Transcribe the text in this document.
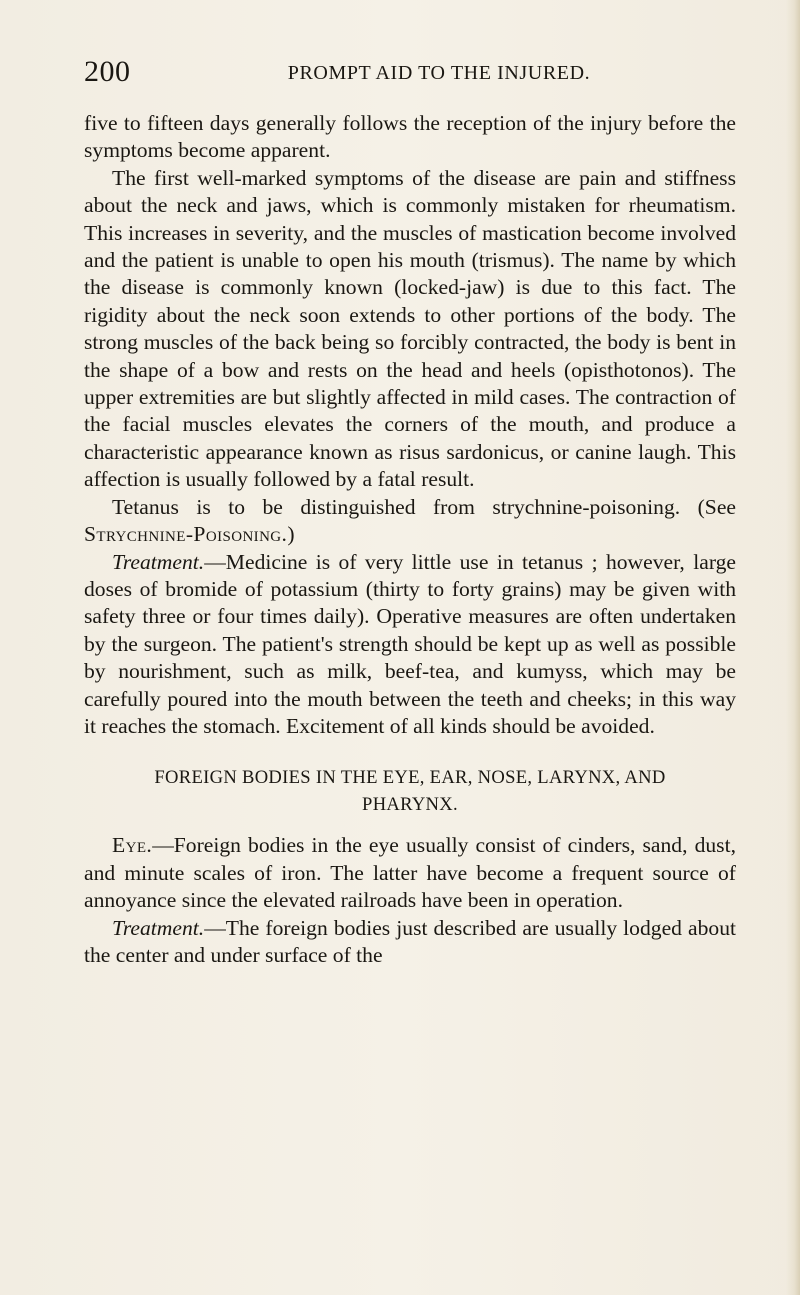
200	PROMPT AID TO THE INJURED.

five to fifteen days generally follows the reception of the injury before the symptoms become apparent.

The first well-marked symptoms of the disease are pain and stiffness about the neck and jaws, which is commonly mistaken for rheumatism. This increases in severity, and the muscles of mastication become involved and the patient is unable to open his mouth (trismus). The name by which the disease is commonly known (locked-jaw) is due to this fact. The rigidity about the neck soon extends to other portions of the body. The strong muscles of the back being so forcibly contracted, the body is bent in the shape of a bow and rests on the head and heels (opisthotonos). The upper extremities are but slightly affected in mild cases. The contraction of the facial muscles elevates the corners of the mouth, and produce a characteristic appearance known as risus sardonicus, or canine laugh. This affection is usually followed by a fatal result.

Tetanus is to be distinguished from strychnine-poisoning. (See Strychnine-Poisoning.)

Treatment.—Medicine is of very little use in tetanus ; however, large doses of bromide of potassium (thirty to forty grains) may be given with safety three or four times daily). Operative measures are often undertaken by the surgeon. The patient's strength should be kept up as well as possible by nourishment, such as milk, beef-tea, and kumyss, which may be carefully poured into the mouth between the teeth and cheeks; in this way it reaches the stomach. Excitement of all kinds should be avoided.

FOREIGN BODIES IN THE EYE, EAR, NOSE, LARYNX, AND
PHARYNX.

Eye.—Foreign bodies in the eye usually consist of cinders, sand, dust, and minute scales of iron. The latter have become a frequent source of annoyance since the elevated railroads have been in operation.

Treatment.—The foreign bodies just described are usually lodged about the center and under surface of the
